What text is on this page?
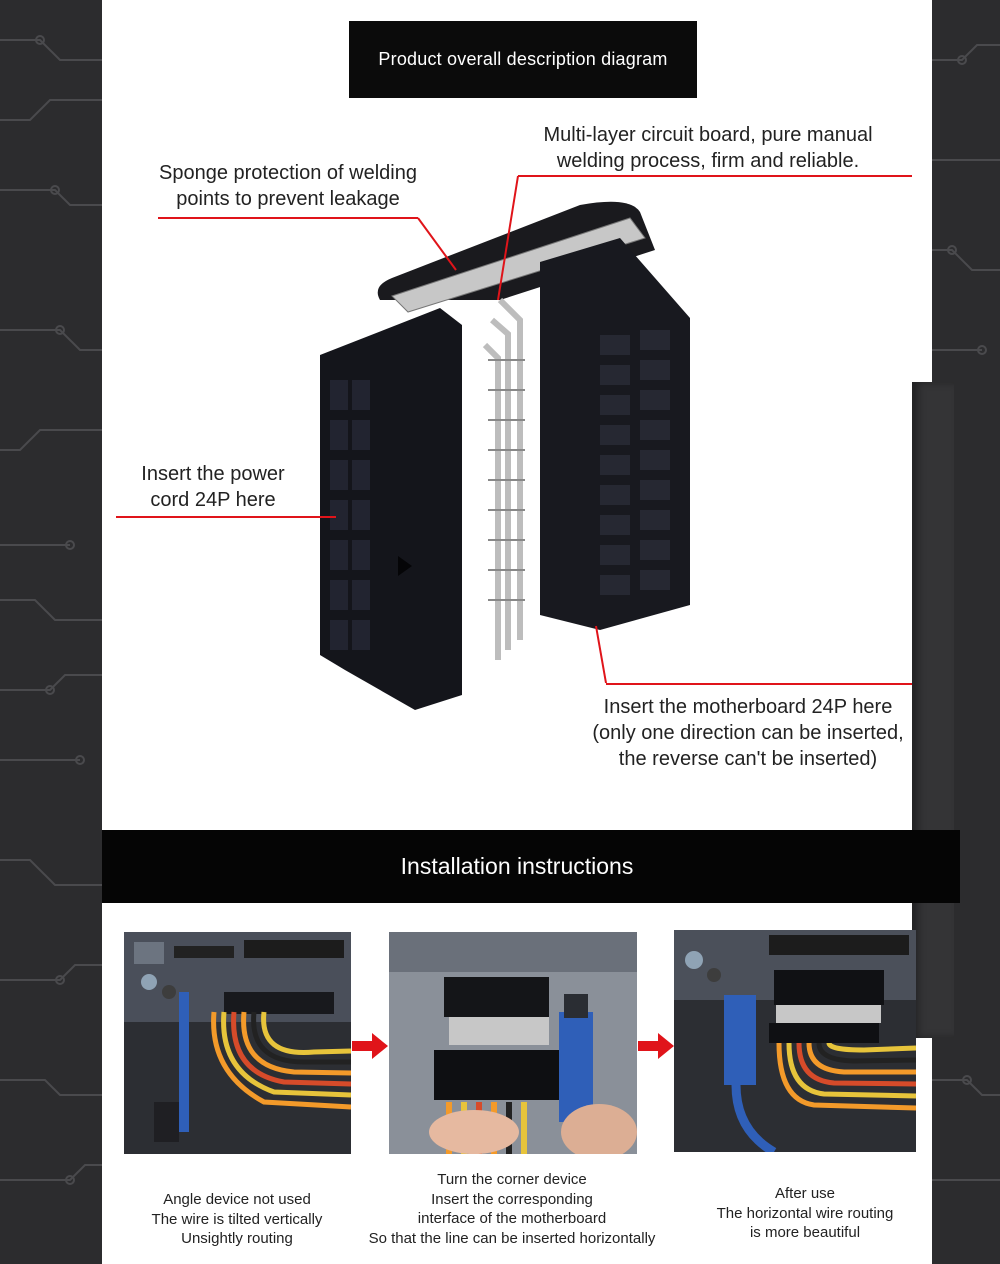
Product overall description diagram
Sponge protection of welding
points to prevent leakage
Multi-layer circuit board, pure manual
welding process, firm and reliable.
Insert the power
cord 24P here
Insert the motherboard 24P here
(only one direction can be inserted,
the reverse can't be inserted)
Installation instructions
Angle device not used
The wire is tilted vertically
Unsightly routing
Turn the corner device
Insert the corresponding
interface of the motherboard
So that the line can be inserted horizontally
After use
The horizontal wire routing
is more beautiful
